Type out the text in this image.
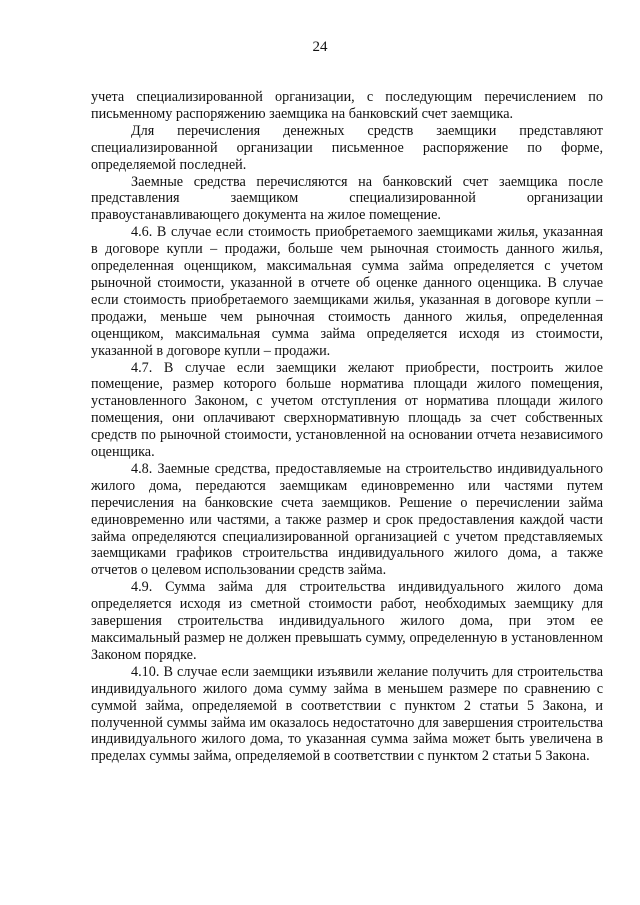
24

учета специализированной организации, с последующим перечислением по письменному распоряжению заемщика на банковский счет заемщика.

Для перечисления денежных средств заемщики представляют специализированной организации письменное распоряжение по форме, определяемой последней.

Заемные средства перечисляются на банковский счет заемщика после представления заемщиком специализированной организации правоустанавливающего документа на жилое помещение.

4.6. В случае если стоимость приобретаемого заемщиками жилья, указанная в договоре купли – продажи, больше чем рыночная стоимость данного жилья, определенная оценщиком, максимальная сумма займа определяется с учетом рыночной стоимости, указанной в отчете об оценке данного оценщика. В случае если стоимость приобретаемого заемщиками жилья, указанная в договоре купли – продажи, меньше чем рыночная стоимость данного жилья, определенная оценщиком, максимальная сумма займа определяется исходя из стоимости, указанной в договоре купли – продажи.

4.7. В случае если заемщики желают приобрести, построить жилое помещение, размер которого больше норматива площади жилого помещения, установленного Законом, с учетом отступления от норматива площади жилого помещения, они оплачивают сверхнормативную площадь за счет собственных средств по рыночной стоимости, установленной на основании отчета независимого оценщика.

4.8. Заемные средства, предоставляемые на строительство индивидуального жилого дома, передаются заемщикам единовременно или частями путем перечисления на банковские счета заемщиков. Решение о перечислении займа единовременно или частями, а также размер и срок предоставления каждой части займа определяются специализированной организацией с учетом представляемых заемщиками графиков строительства индивидуального жилого дома, а также отчетов о целевом использовании средств займа.

4.9. Сумма займа для строительства индивидуального жилого дома определяется исходя из сметной стоимости работ, необходимых заемщику для завершения строительства индивидуального жилого дома, при этом ее максимальный размер не должен превышать сумму, определенную в установленном Законом порядке.

4.10. В случае если заемщики изъявили желание получить для строительства индивидуального жилого дома сумму займа в меньшем размере по сравнению с суммой займа, определяемой в соответствии с пунктом 2 статьи 5 Закона, и полученной суммы займа им оказалось недостаточно для завершения строительства индивидуального жилого дома, то указанная сумма займа может быть увеличена в пределах суммы займа, определяемой в соответствии с пунктом 2 статьи 5 Закона.
